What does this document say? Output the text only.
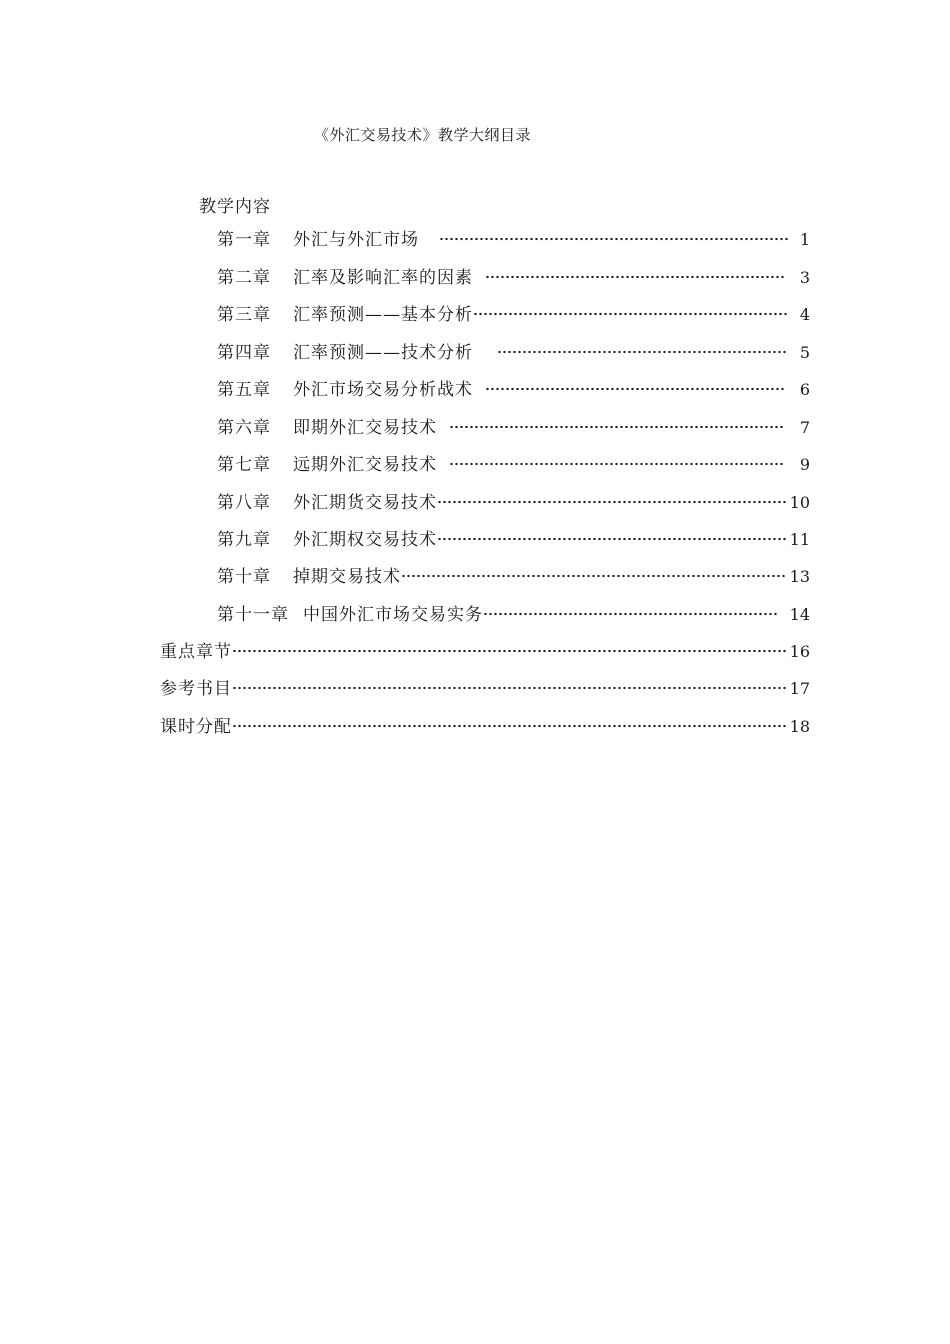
《外汇交易技术》教学大纲目录
教学内容
第一章	外汇与外汇市场	1
第二章	汇率及影响汇率的因素	3
第三章	汇率预测——基本分析	4
第四章	汇率预测——技术分析	5
第五章	外汇市场交易分析战术	6
第六章	即期外汇交易技术	7
第七章	远期外汇交易技术	9
第八章	外汇期货交易技术	10
第九章	外汇期权交易技术	11
第十章	掉期交易技术	13
第十一章 中国外汇市场交易实务	14
重点章节	16
参考书目	17
课时分配	18
